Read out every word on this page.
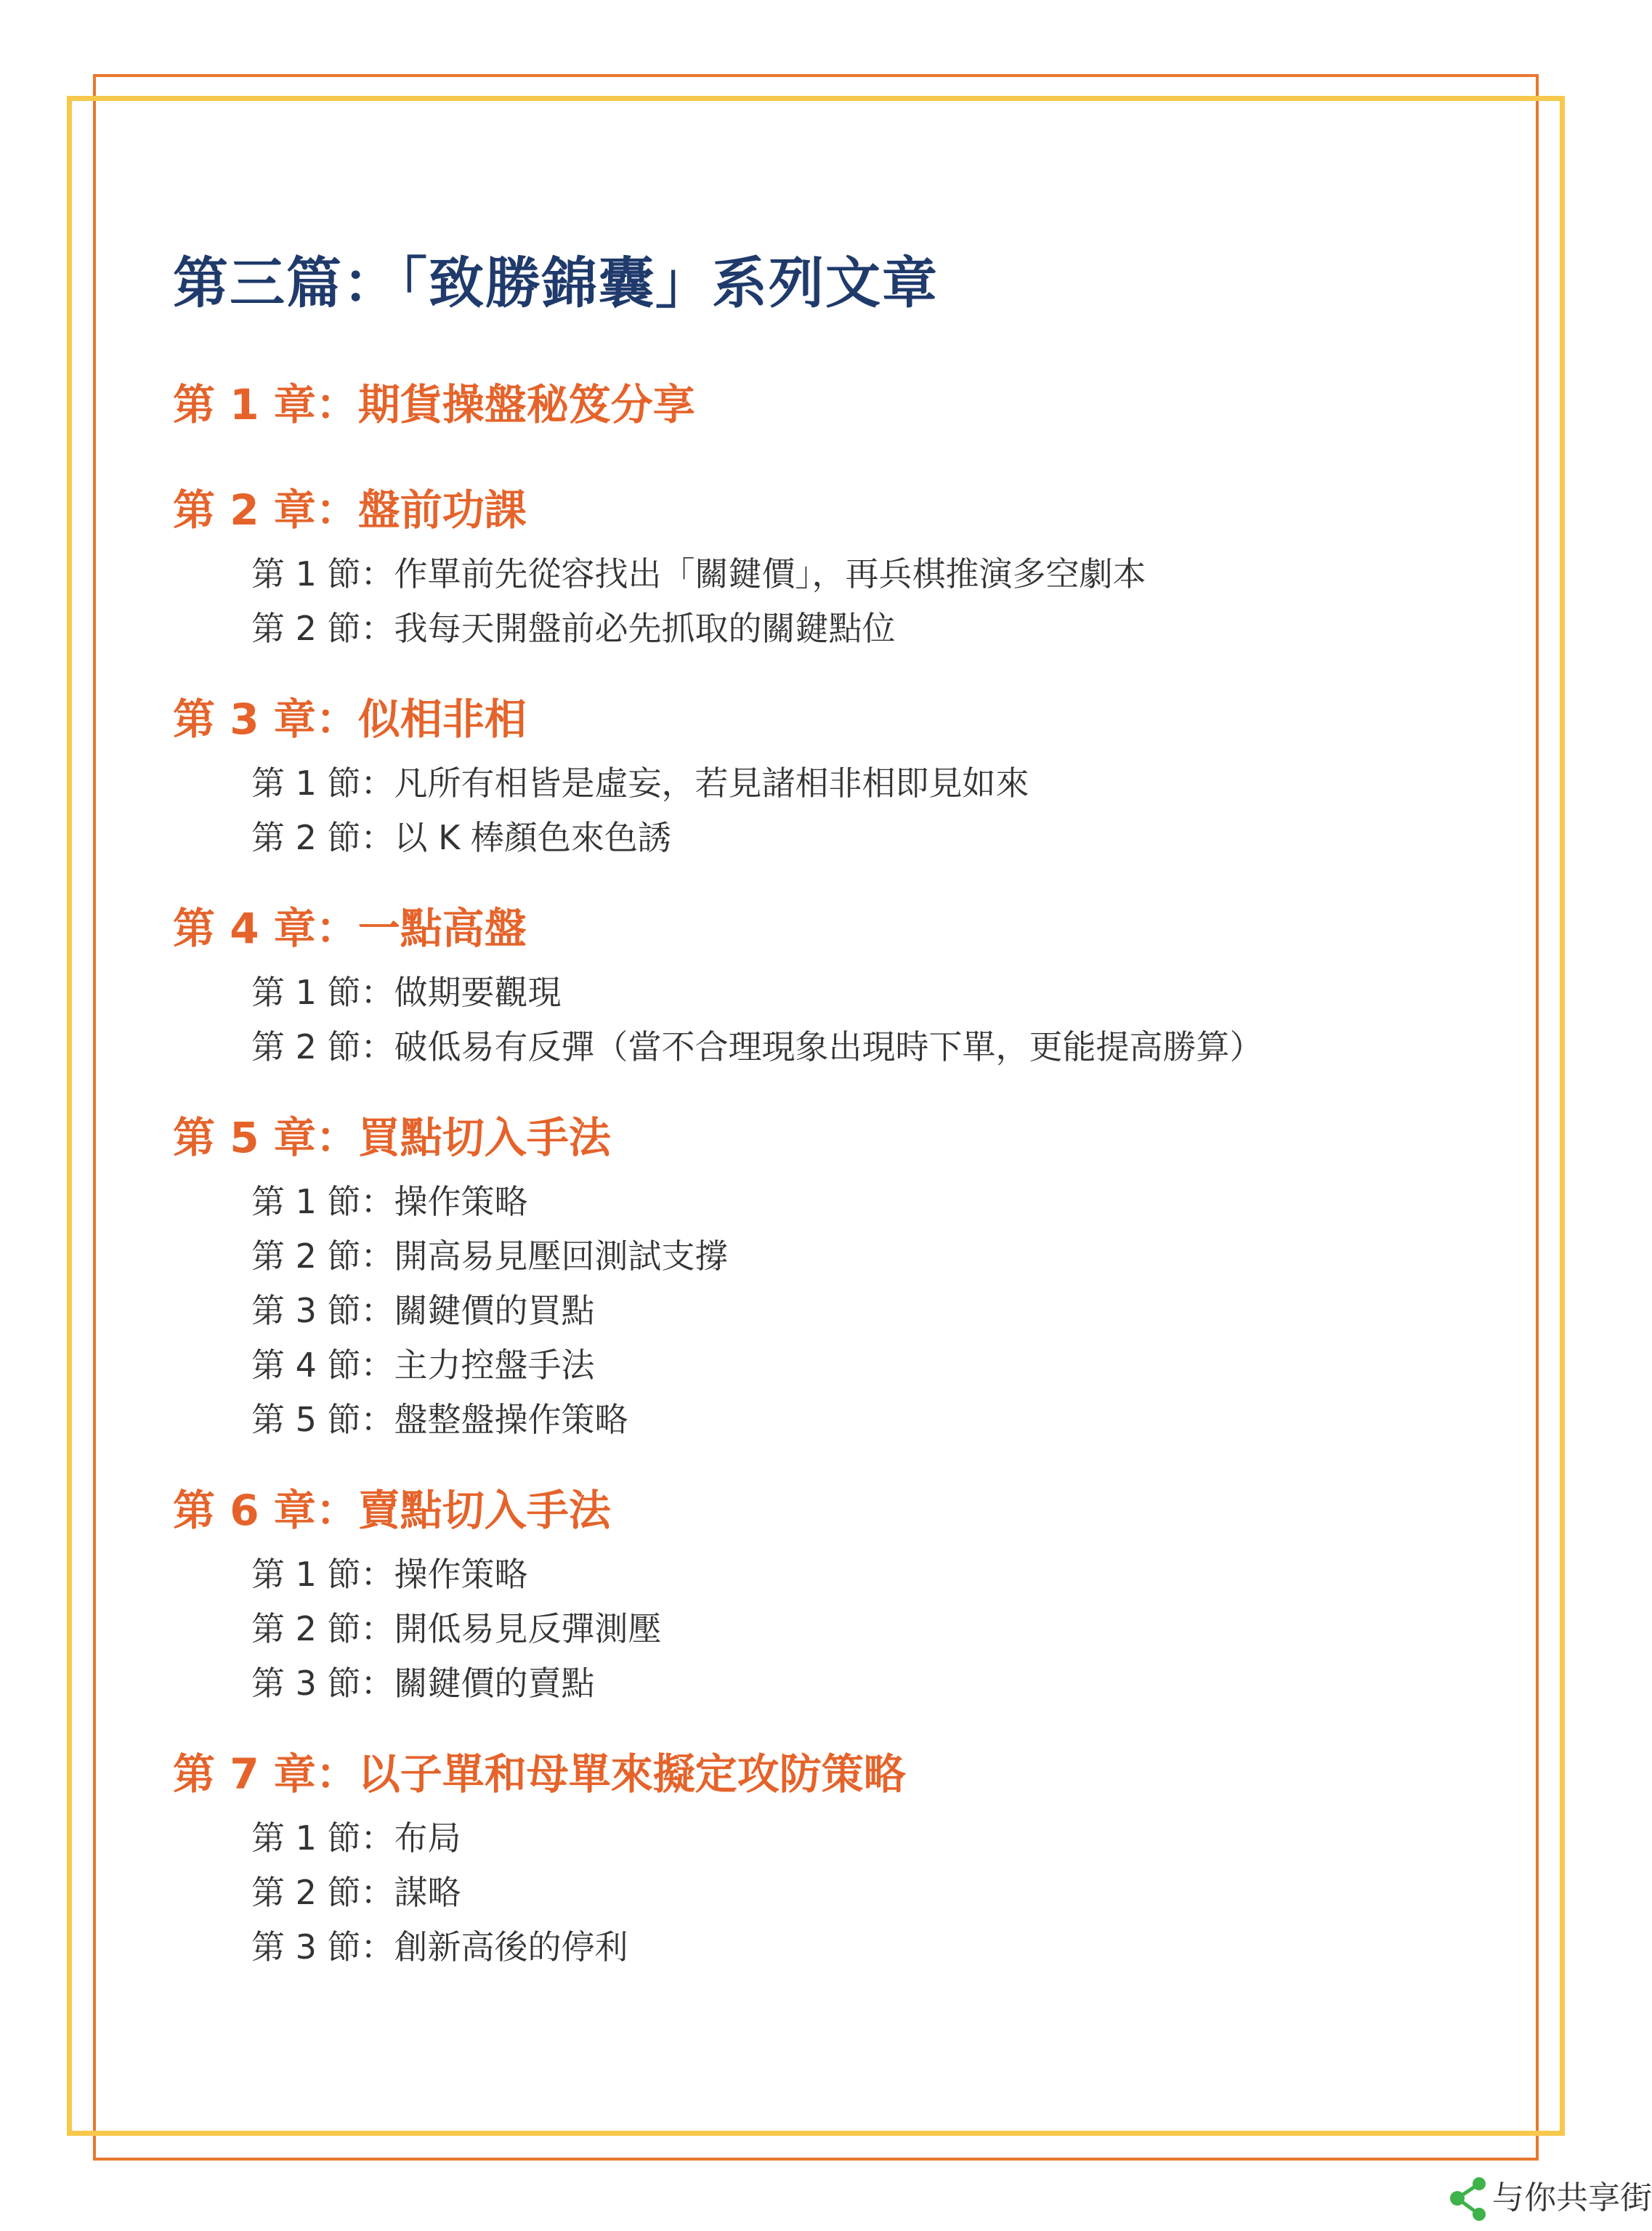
第三篇：「致勝錦囊」系列文章
第 1 章：期貨操盤秘笈分享
第 2 章：盤前功課

第 1 節：作單前先從容找出「關鍵價」，再兵棋推演多空劇本

第 2 節：我每天開盤前必先抓取的關鍵點位

第 3 章：似相非相

第 1 節：凡所有相皆是虛妄，若見諸相非相即見如來

第 2 節：以 K 棒顏色來色誘

第 4 章：一點高盤

第 1 節：做期要觀現

第 2 節：破低易有反彈（當不合理現象出現時下單，更能提高勝算）

第 5 章：買點切入手法

第 1 節：操作策略

第 2 節：開高易見壓回測試支撐

第 3 節：關鍵價的買點

第 4 節：主力控盤手法

第 5 節：盤整盤操作策略

第 6 章：賣點切入手法

第 1 節：操作策略

第 2 節：開低易見反彈測壓

第 3 節：關鍵價的賣點

第 7 章：以子單和母單來擬定攻防策略

第 1 節：布局

第 2 節：謀略

第 3 節：創新高後的停利

与你共享街
